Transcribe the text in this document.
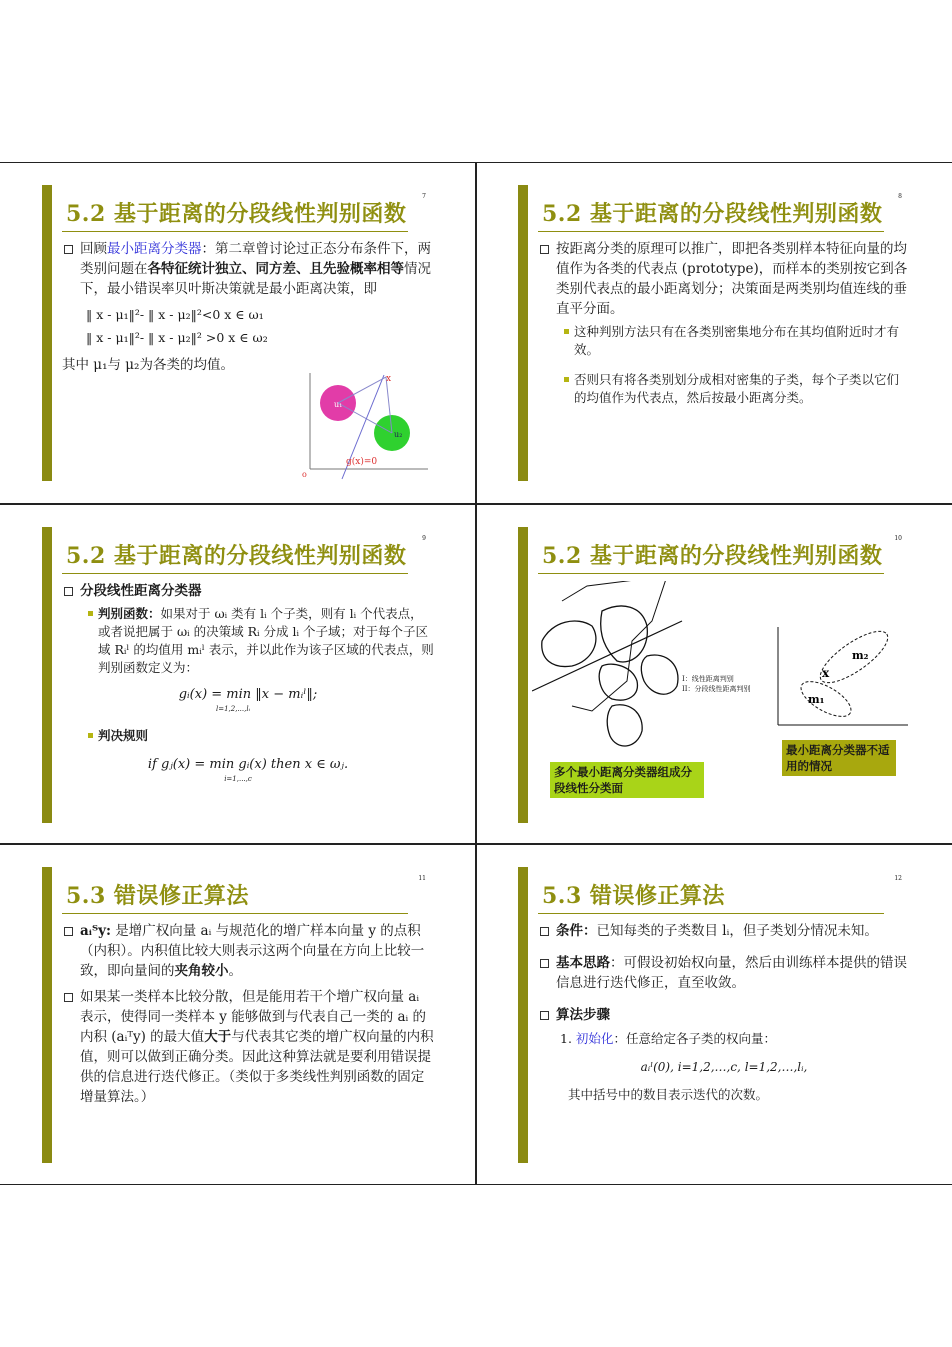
5.2 基于距离的分段线性判别函数
7
回顾最小距离分类器：第二章曾讨论过正态分布条件下，两类别问题在各特征统计独立、同方差、且先验概率相等情况下，最小错误率贝叶斯决策就是最小距离决策，即
‖ x - μ₁‖²- ‖ x - μ₂‖²<0 x ∈ ω₁
‖ x - μ₁‖²- ‖ x - μ₂‖² >0 x ∈ ω₂
其中 μ₁与 μ₂为各类的均值。
u₁
u₂
x
g(x)=0
o
5.2 基于距离的分段线性判别函数
8
按距离分类的原理可以推广，即把各类别样本特征向量的均值作为各类的代表点 (prototype)，而样本的类别按它到各类别代表点的最小距离划分；决策面是两类别均值连线的垂直平分面。
这种判别方法只有在各类别密集地分布在其均值附近时才有效。
否则只有将各类别划分成相对密集的子类，每个子类以它们的均值作为代表点，然后按最小距离分类。
5.2 基于距离的分段线性判别函数
9
分段线性距离分类器
判别函数：如果对于 ωᵢ 类有 lᵢ 个子类，则有 lᵢ 个代表点，或者说把属于 ωᵢ 的决策域 Rᵢ 分成 lᵢ 个子域；对于每个子区域 Rᵢˡ 的均值用 mᵢˡ 表示，并以此作为该子区域的代表点，则判别函数定义为：
gᵢ(x) = min ‖x − mᵢˡ‖;
l=1,2,...,lᵢ
判决规则
if gⱼ(x) = min gᵢ(x) then x ∈ ωⱼ.
i=1,...,c
5.2 基于距离的分段线性判别函数
10
I：线性距离判别
II：分段线性距离判别
x
m₂
m₁
多个最小距离分类器组成分段线性分类面
最小距离分类器不适用的情况
5.3 错误修正算法
11
aᵢᵀy: 是增广权向量 aᵢ 与规范化的增广样本向量 y 的点积（内积）。内积值比较大则表示这两个向量在方向上比较一致，即向量间的夹角较小。
如果某一类样本比较分散，但是能用若干个增广权向量 aᵢ 表示，使得同一类样本 y 能够做到与代表自己一类的 aᵢ 的内积 (aᵢᵀy) 的最大值大于与代表其它类的增广权向量的内积值，则可以做到正确分类。因此这种算法就是要利用错误提供的信息进行迭代修正。（类似于多类线性判别函数的固定增量算法。）
5.3 错误修正算法
12
条件：已知每类的子类数目 lᵢ，但子类划分情况未知。
基本思路：可假设初始权向量，然后由训练样本提供的错误信息进行迭代修正，直至收敛。
算法步骤
1. 初始化：任意给定各子类的权向量：
aᵢˡ(0), i=1,2,…,c, l=1,2,…,lᵢ,
其中括号中的数目表示迭代的次数。
